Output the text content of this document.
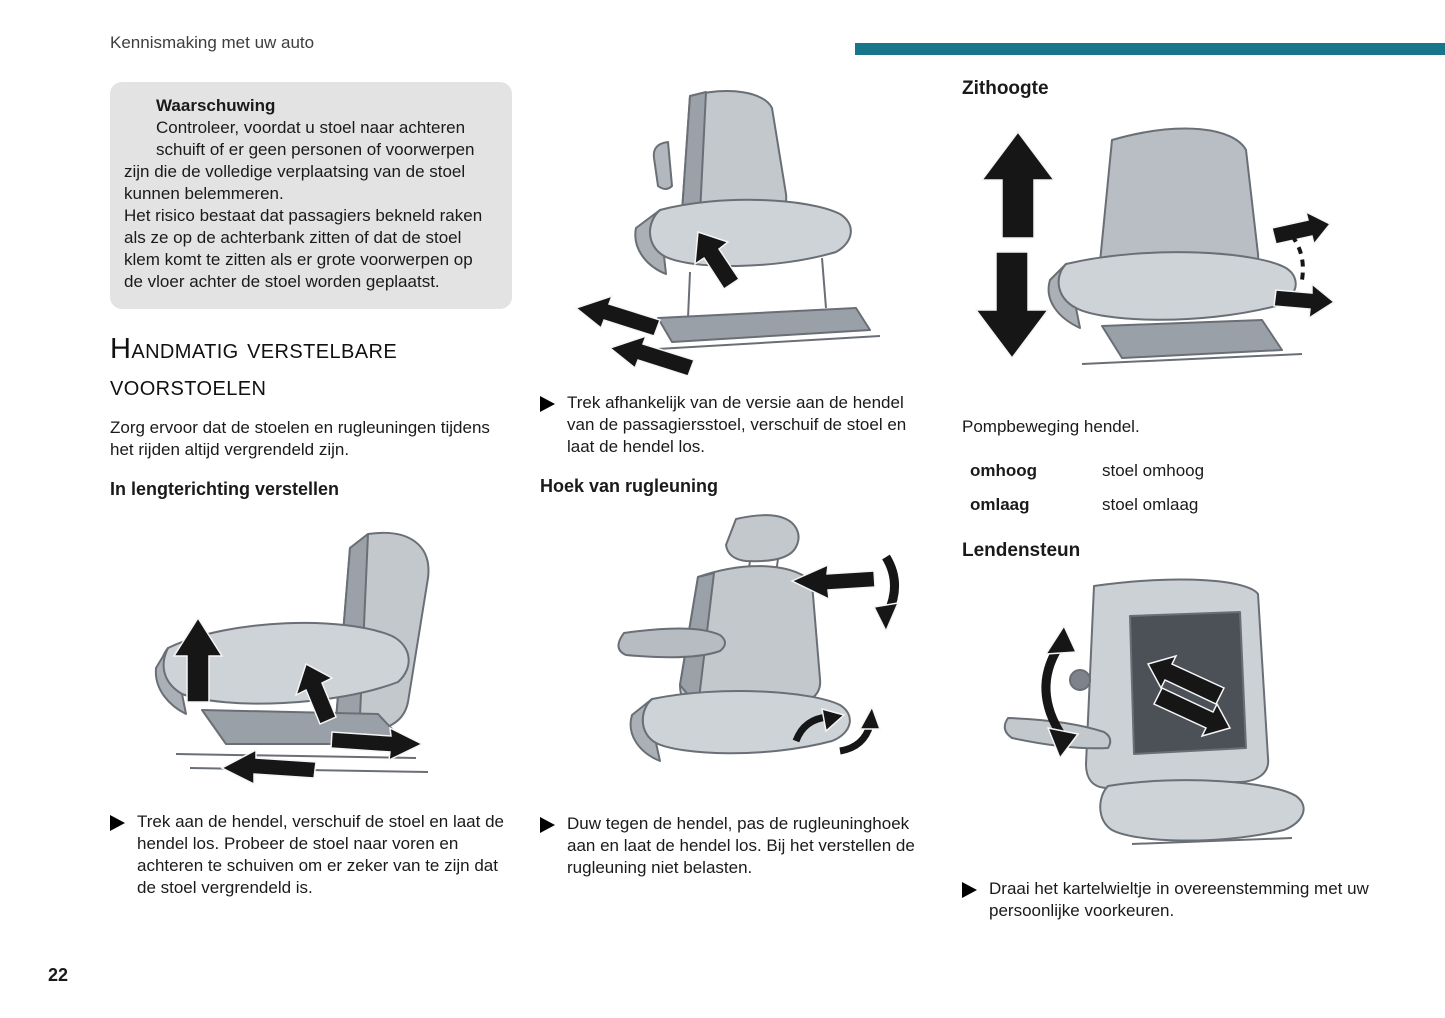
Kennismaking met uw auto
Waarschuwing

Controleer, voordat u stoel naar achteren schuift of er geen personen of voorwerpen zijn die de volledige verplaatsing van de stoel kunnen belemmeren.

Het risico bestaat dat passagiers bekneld raken als ze op de achterbank zitten of dat de stoel klem komt te zitten als er grote voorwerpen op de vloer achter de stoel worden geplaatst.

Handmatig verstelbare voorstoelen

Zorg ervoor dat de stoelen en rugleuningen tijdens het rijden altijd vergrendeld zijn.

In lengterichting verstellen

Trek aan de hendel, verschuif de stoel en laat de hendel los. Probeer de stoel naar voren en achteren te schuiven om er zeker van te zijn dat de stoel vergrendeld is.

Trek afhankelijk van de versie aan de hendel van de passagiersstoel, verschuif de stoel en laat de hendel los.

Hoek van rugleuning

Duw tegen de hendel, pas de rugleuninghoek aan en laat de hendel los. Bij het verstellen de rugleuning niet belasten.

Zithoogte

Pompbeweging hendel.

omhoog	stoel omhoog
omlaag	stoel omlaag
Lendensteun

Draai het kartelwieltje in overeenstemming met uw persoonlijke voorkeuren.

22
